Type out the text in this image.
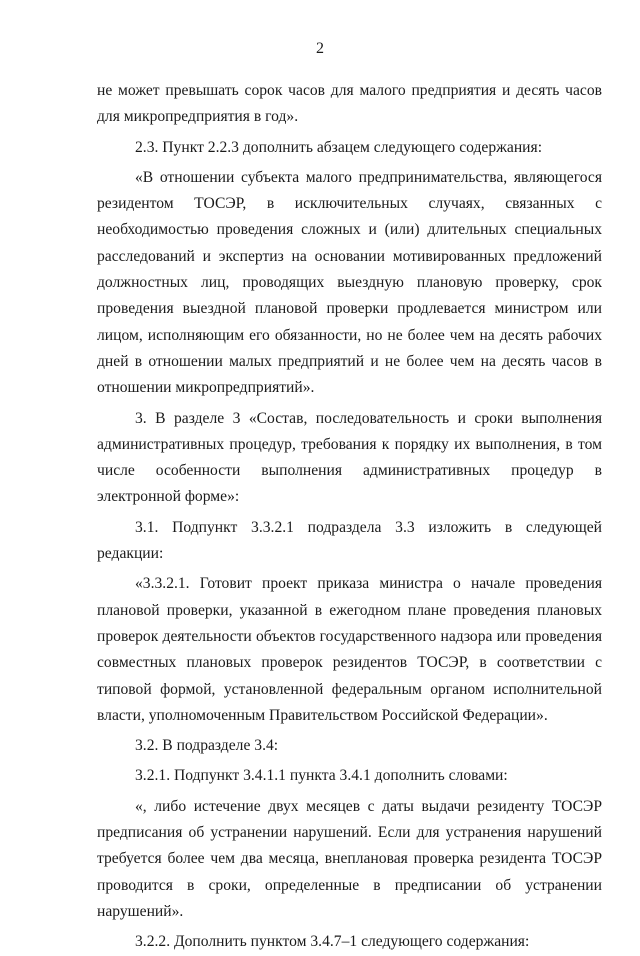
2

не может превышать сорок часов для малого предприятия и десять часов для микропредприятия в год».

2.3. Пункт 2.2.3 дополнить абзацем следующего содержания:

«В отношении субъекта малого предпринимательства, являющегося резидентом ТОСЭР, в исключительных случаях, связанных с необходимостью проведения сложных и (или) длительных специальных расследований и экспертиз на основании мотивированных предложений должностных лиц, проводящих выездную плановую проверку, срок проведения выездной плановой проверки продлевается министром или лицом, исполняющим его обязанности, но не более чем на десять рабочих дней в отношении малых предприятий и не более чем на десять часов в отношении микропредприятий».

3. В разделе 3 «Состав, последовательность и сроки выполнения административных процедур, требования к порядку их выполнения, в том числе особенности выполнения административных процедур в электронной форме»:

3.1. Подпункт 3.3.2.1 подраздела 3.3 изложить в следующей редакции:

«3.3.2.1. Готовит проект приказа министра о начале проведения плановой проверки, указанной в ежегодном плане проведения плановых проверок деятельности объектов государственного надзора или проведения совместных плановых проверок резидентов ТОСЭР, в соответствии с типовой формой, установленной федеральным органом исполнительной власти, уполномоченным Правительством Российской Федерации».

3.2. В подразделе 3.4:

3.2.1. Подпункт 3.4.1.1 пункта 3.4.1 дополнить словами:

«, либо истечение двух месяцев с даты выдачи резиденту ТОСЭР предписания об устранении нарушений. Если для устранения нарушений требуется более чем два месяца, внеплановая проверка резидента ТОСЭР проводится в сроки, определенные в предписании об устранении нарушений».

3.2.2. Дополнить пунктом 3.4.7–1 следующего содержания:
